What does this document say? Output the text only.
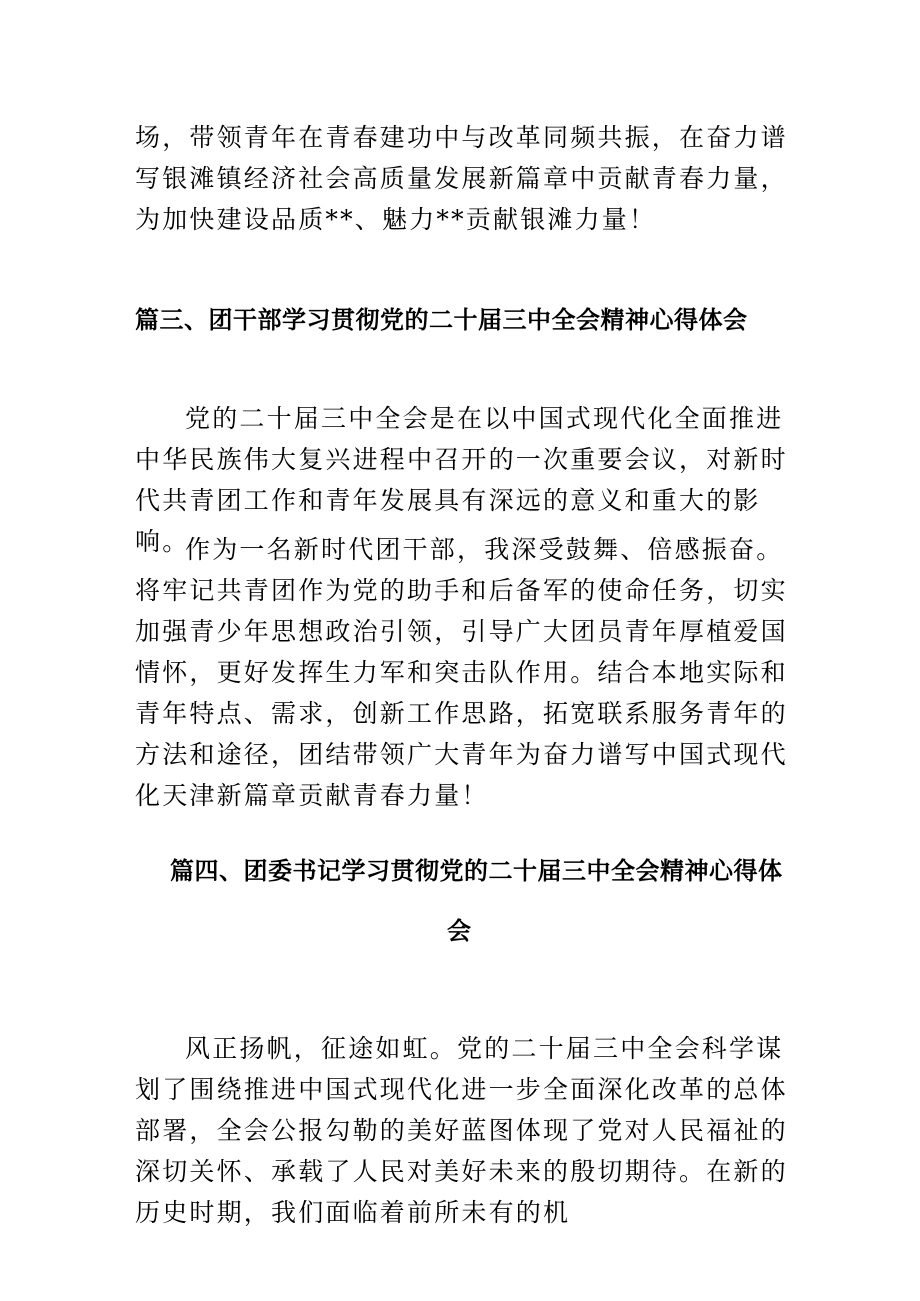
场，带领青年在青春建功中与改革同频共振，在奋力谱写银滩镇经济社会高质量发展新篇章中贡献青春力量，为加快建设品质**、魅力**贡献银滩力量！

篇三、团干部学习贯彻党的二十届三中全会精神心得体会

党的二十届三中全会是在以中国式现代化全面推进中华民族伟大复兴进程中召开的一次重要会议，对新时代共青团工作和青年发展具有深远的意义和重大的影响。

作为一名新时代团干部，我深受鼓舞、倍感振奋。将牢记共青团作为党的助手和后备军的使命任务，切实加强青少年思想政治引领，引导广大团员青年厚植爱国情怀，更好发挥生力军和突击队作用。结合本地实际和青年特点、需求，创新工作思路，拓宽联系服务青年的方法和途径，团结带领广大青年为奋力谱写中国式现代化天津新篇章贡献青春力量！

篇四、团委书记学习贯彻党的二十届三中全会精神心得体
会

风正扬帆，征途如虹。党的二十届三中全会科学谋划了围绕推进中国式现代化进一步全面深化改革的总体部署，全会公报勾勒的美好蓝图体现了党对人民福祉的深切关怀、承载了人民对美好未来的殷切期待。在新的历史时期，我们面临着前所未有的机
